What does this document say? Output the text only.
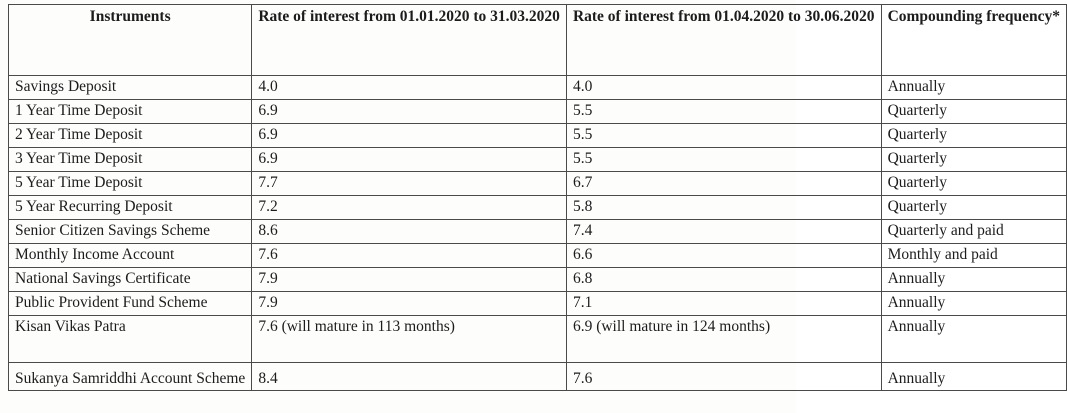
Instruments	Rate of interest from 01.01.2020 to 31.03.2020	Rate of interest from 01.04.2020 to 30.06.2020	Compounding frequency*
Savings Deposit	4.0	4.0	Annually
1 Year Time Deposit	6.9	5.5	Quarterly
2 Year Time Deposit	6.9	5.5	Quarterly
3 Year Time Deposit	6.9	5.5	Quarterly
5 Year Time Deposit	7.7	6.7	Quarterly
5 Year Recurring Deposit	7.2	5.8	Quarterly
Senior Citizen Savings Scheme	8.6	7.4	Quarterly and paid
Monthly Income Account	7.6	6.6	Monthly and paid
National Savings Certificate	7.9	6.8	Annually
Public Provident Fund Scheme	7.9	7.1	Annually
Kisan Vikas Patra	7.6 (will mature in 113 months)	6.9 (will mature in 124 months)	Annually
Sukanya Samriddhi Account Scheme	8.4	7.6	Annually
